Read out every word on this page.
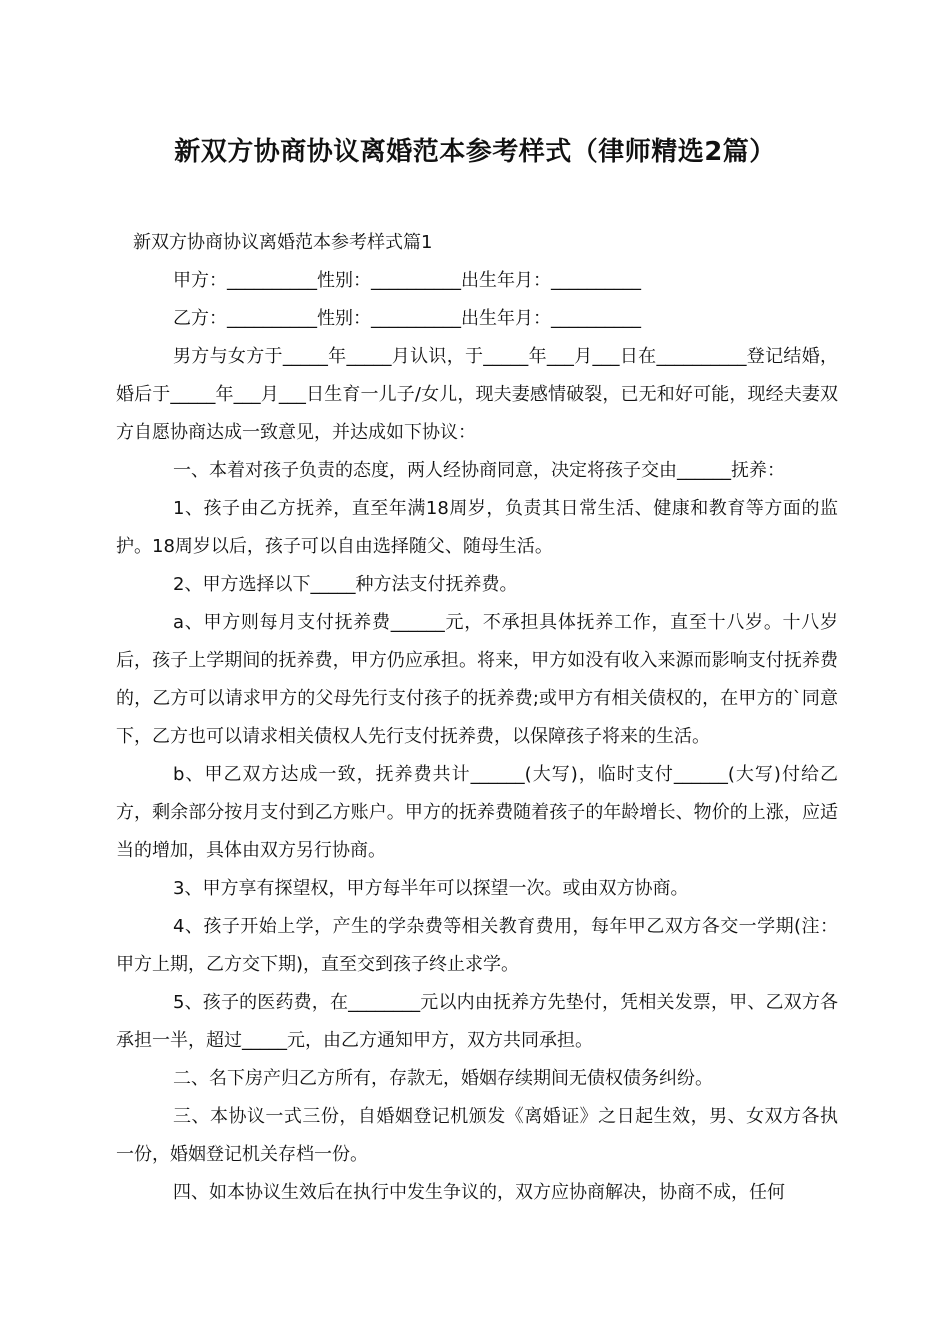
新双方协商协议离婚范本参考样式（律师精选2篇）

新双方协商协议离婚范本参考样式篇1

甲方：__________性别：__________出生年月：__________

乙方：__________性别：__________出生年月：__________

男方与女方于_____年_____月认识，于_____年___月___日在__________登记结婚，婚后于_____年___月___日生育一儿子/女儿，现夫妻感情破裂，已无和好可能，现经夫妻双方自愿协商达成一致意见，并达成如下协议：

一、本着对孩子负责的态度，两人经协商同意，决定将孩子交由______抚养：

1、孩子由乙方抚养，直至年满18周岁，负责其日常生活、健康和教育等方面的监护。18周岁以后，孩子可以自由选择随父、随母生活。

2、甲方选择以下_____种方法支付抚养费。

a、甲方则每月支付抚养费______元，不承担具体抚养工作，直至十八岁。十八岁后，孩子上学期间的抚养费，甲方仍应承担。将来，甲方如没有收入来源而影响支付抚养费的，乙方可以请求甲方的父母先行支付孩子的抚养费;或甲方有相关债权的，在甲方的`同意下，乙方也可以请求相关债权人先行支付抚养费，以保障孩子将来的生活。

b、甲乙双方达成一致，抚养费共计______(大写)，临时支付______(大写)付给乙方，剩余部分按月支付到乙方账户。甲方的抚养费随着孩子的年龄增长、物价的上涨，应适当的增加，具体由双方另行协商。

3、甲方享有探望权，甲方每半年可以探望一次。或由双方协商。

4、孩子开始上学，产生的学杂费等相关教育费用，每年甲乙双方各交一学期(注：甲方上期，乙方交下期)，直至交到孩子终止求学。

5、孩子的医药费，在________元以内由抚养方先垫付，凭相关发票，甲、乙双方各承担一半，超过_____元，由乙方通知甲方，双方共同承担。

二、名下房产归乙方所有，存款无，婚姻存续期间无债权债务纠纷。

三、本协议一式三份，自婚姻登记机颁发《离婚证》之日起生效，男、女双方各执一份，婚姻登记机关存档一份。

四、如本协议生效后在执行中发生争议的，双方应协商解决，协商不成，任何
